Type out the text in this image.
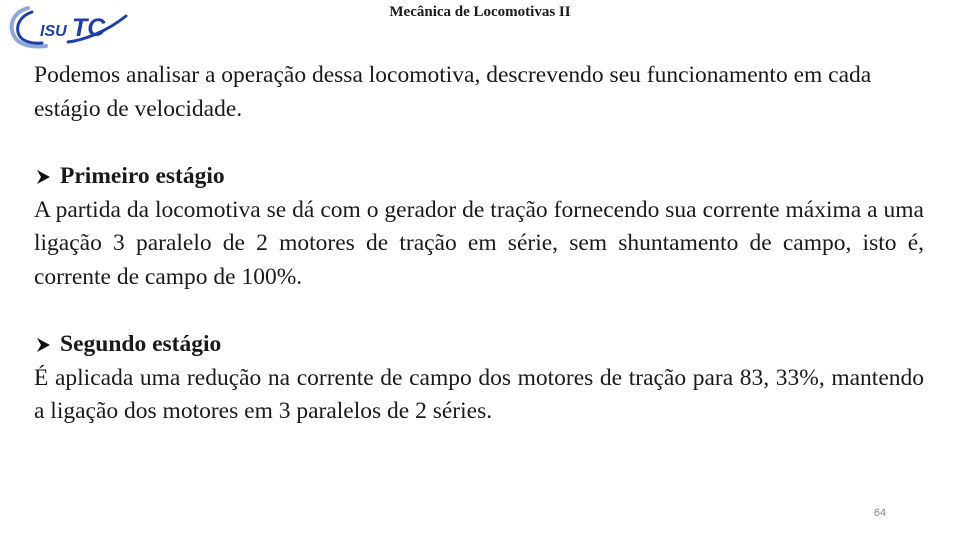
ISU TC
Mecânica de Locomotivas II

Podemos analisar a operação dessa locomotiva, descrevendo seu funcionamento em cada estágio de velocidade.

Primeiro estágio

A partida da locomotiva se dá com o gerador de tração fornecendo sua corrente máxima a uma ligação 3 paralelo de 2 motores de tração em série, sem shuntamento de campo, isto é, corrente de campo de 100%.

Segundo estágio

É aplicada uma redução na corrente de campo dos motores de tração para 83, 33%, mantendo a ligação dos motores em 3 paralelos de 2 séries.

64
